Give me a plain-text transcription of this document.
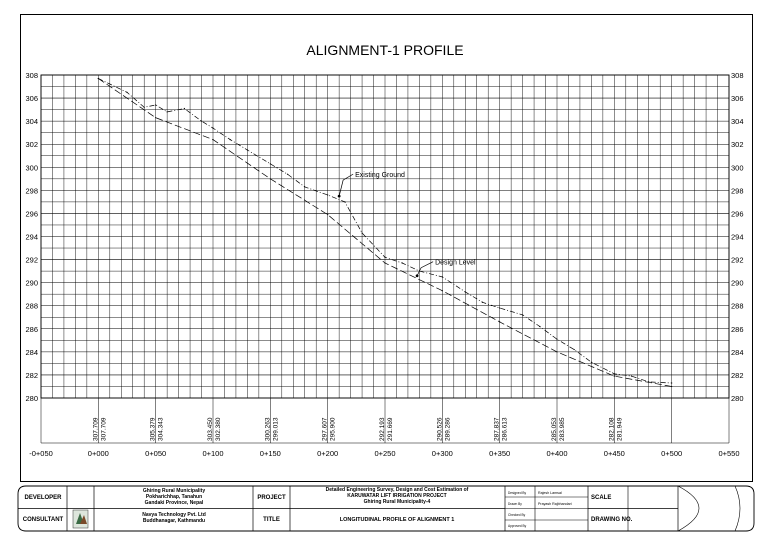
ALIGNMENT-1 PROFILE
280	280
282	282
284	284
286	286
288	288
290	290
292	292
294	294
296	296
298	298
300	300
302	302
304	304
306	306
308	308
-0+050	0+000	0+050	0+100	0+150	0+200	0+250	0+300	0+350	0+400	0+450	0+500	0+550
307.709 307.709	305.379 304.343	303.450 302.380	300.263 299.013	297.607 295.900	292.193 291.669	290.526 289.286	287.837 286.613	285.053 283.985	282.108 281.949
Existing Ground
Design Level
DEVELOPER
CONSULTANT
Ghiring Rural Municipality
Pokharichhap, Tanahun
Gandaki Province, Nepal
Navya Technology Pvt. Ltd
Buddhanagar, Kathmandu
PROJECT
TITLE
Detailed Engineering Survey, Design and Cost Estimation of
KARUWATAR LIFT IRRIGATION PROJECT
Ghiring Rural Municipality-4
LONGITUDINAL PROFILE OF ALIGNMENT 1
Designed By	Rajesh Lamsal
Drawn By	Prayash Rajbhandari
Checked By
Approved By
SCALE
DRAWING NO.
